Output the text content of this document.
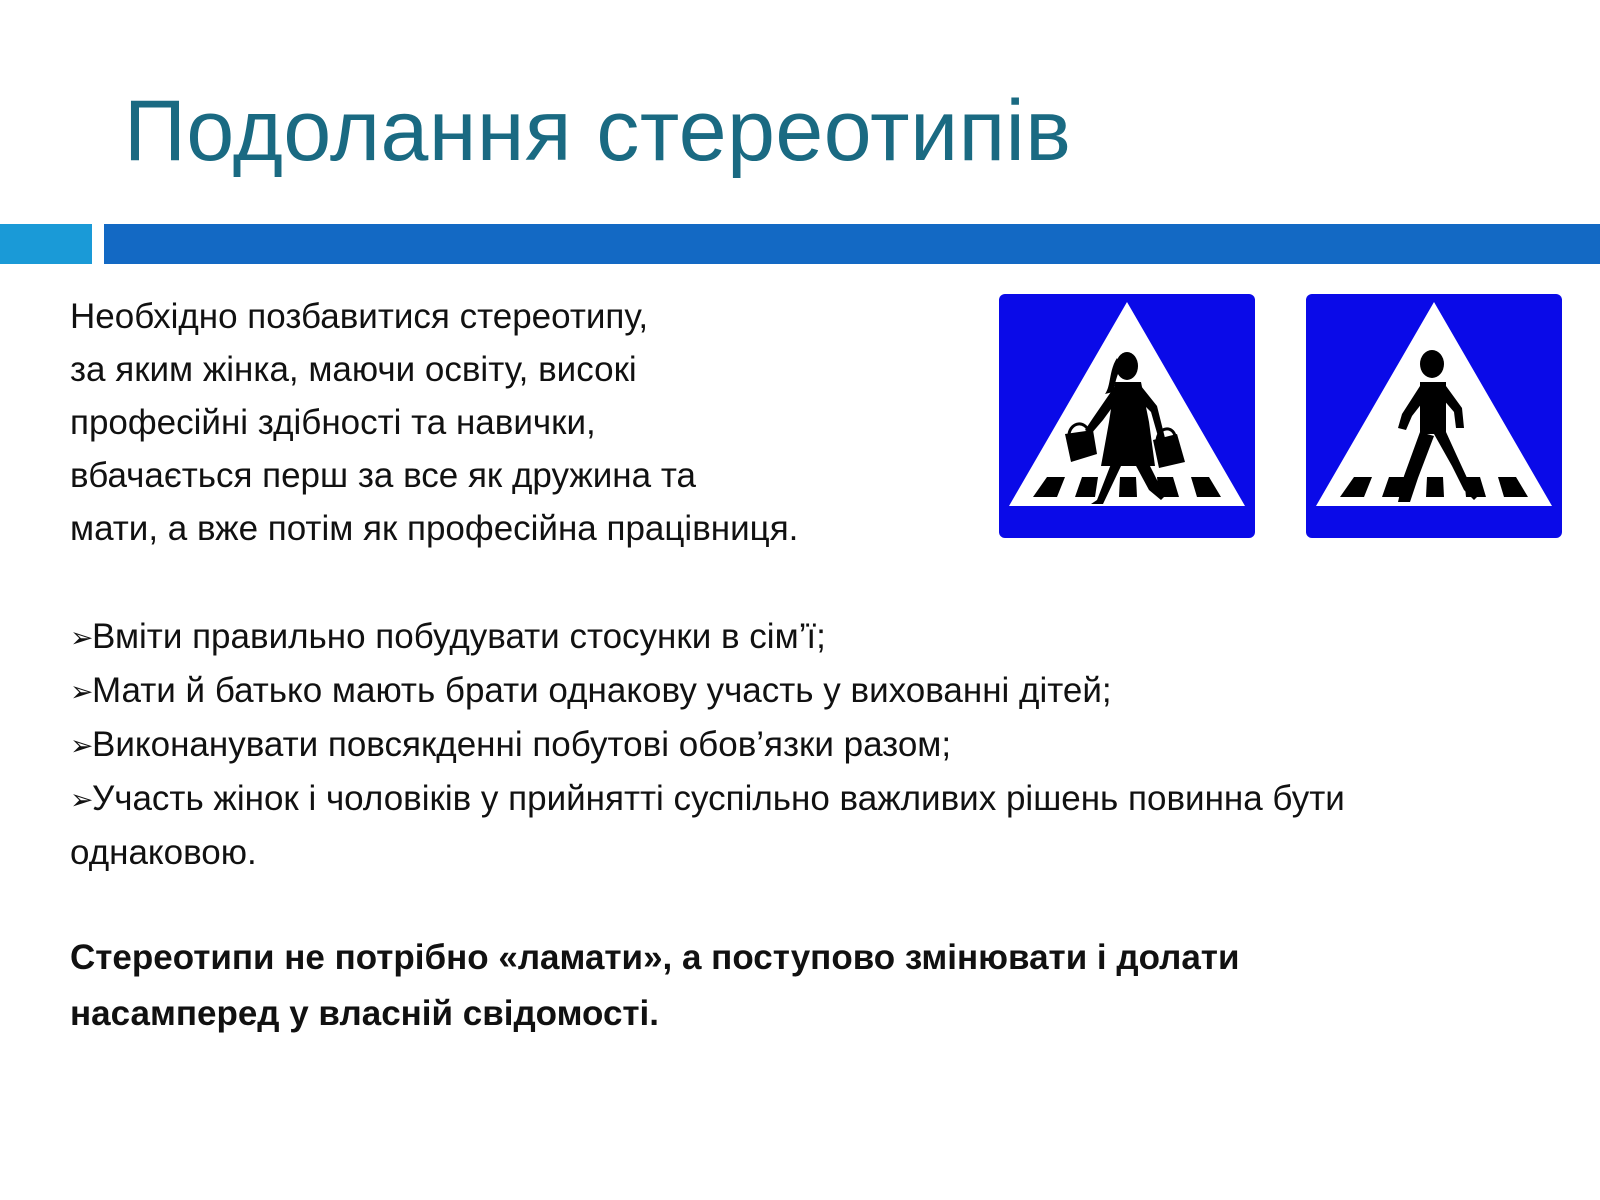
Подолання стереотипів

Необхідно позбавитися стереотипу,
за яким жінка, маючи освіту, високі
професійні здібності та навички,
вбачається перш за все як дружина та
мати, а вже потім як професійна працівниця.

➢Вміти правильно побудувати стосунки в сім’ї;
➢Мати й батько мають брати однакову участь у вихованні дітей;
➢Виконанувати повсякденні побутові обов’язки разом;
➢Участь жінок і чоловіків у прийнятті суспільно важливих рішень повинна бути однаковою.

Стереотипи не потрібно «ламати», а поступово змінювати і долати
насамперед у власній свідомості.
